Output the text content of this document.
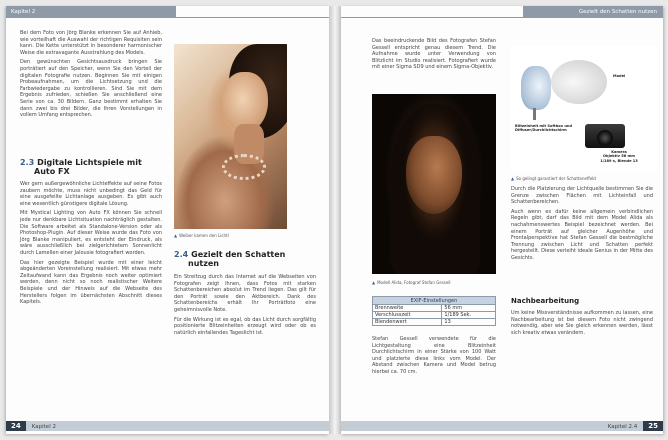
Kapitel 2

Bei dem Foto von Jörg Blanke erkennen Sie auf Anhieb, wie vorteilhaft die Auswahl der richtigen Requisiten sein kann. Die Kette unterstützt in besonderer harmonischer Weise die extravagante Ausstrahlung des Models.

Den gewünschten Gesichtsausdruck bringen Sie porträtiert auf den Speicher, wenn Sie den Vorteil der digitalen Fotografie nutzen. Beginnen Sie mit einigen Probeaufnahmen, um die Lichtsetzung und die Farbwiedergabe zu kontrollieren. Sind Sie mit dem Ergebnis zufrieden, schießen Sie anschließend eine Serie von ca. 30 Bildern. Ganz bestimmt erhalten Sie dann zwei bis drei Bilder, die Ihren Vorstellungen in vollem Umfang entsprechen.

2.3 Digitale Lichtspiele mit
Auto FX

Wer gern außergewöhnliche Lichteffekte auf seine Fotos zaubern möchte, muss nicht unbedingt das Geld für eine ausgefeilte Lichtanlage ausgeben. Es gibt auch eine wesentlich günstigere digitale Lösung.

Mit Mystical Lighting von Auto FX können Sie schnell jede nur denkbare Lichtsituation nachträglich gestalten. Die Software arbeitet als Standalone-Version oder als Photoshop-Plugin. Auf dieser Weise wurde das Foto von Jörg Blanke manipuliert, es entsteht der Eindruck, als wäre ausschließlich bei zielgerichtetem Sonnenlicht durch Lamellen einer Jalousie fotografiert worden.

Das hier gezeigte Beispiel wurde mit einer leicht abgeänderten Voreinstellung realisiert. Mit etwas mehr Zeitaufwand kann das Ergebnis noch weiter optimiert werden, denn nicht so noch realistischer Weitere Beispiele und der Hinweis auf die Webseite des Herstellers folgen im übernächsten Abschnitt dieses Kapitels.

▲ Weiber kamen den Lichtl
2.4 Gezielt den Schatten
nutzen

Ein Streifzug durch das Internet auf die Webseiten von Fotografen zeigt Ihnen, dass Fotos mit starken Schattenbereichen absolut im Trend liegen. Das gilt für den Porträt sowie den Aktbereich. Dank des Schattenbereichs erhält Ihr Porträtfoto eine geheimnisvolle Note.

Für die Wirkung ist es egal, ob das Licht durch sorgfältig positionierte Blitzeinheiten erzeugt wird oder ob es natürlich einfallendes Tageslicht ist.

24 Kapitel 2
Gezielt den Schatten nutzen

Das beeindruckende Bild des Fotografen Stefan Gessell entspricht genau diesem Trend. Die Aufnahme wurde unter Verwendung von Blitzlicht im Studio realisiert. Fotografiert wurde mit einer Sigma SD9 und einem Sigma-Objektiv.

▲ Modell Alida, Fotograf Stefan Gessell
EXIF-Einstellungen	
Brennweite	56 mm
Verschlusszeit	1/189 Sek.
Blendenwert	13

Stefan Gessell verwendete für die Lichtgestaltung eine Blitzeinheit Durchlichtschirm in einer Stärke von 100 Watt und platzierte diese links vom Model. Der Abstand zwischen Kamera und Model betrug hierbei ca. 70 cm.

Model
Blitzeinheit mit Softbox und
Diffuser/Durchlichtschirm
Kamera
Objektiv 56 mm
1/189 s, Blende 13
▲ So gelingt garantiert der Schatteneffekt

Durch die Platzierung der Lichtquelle bestimmen Sie die Grenze zwischen Flächen mit Lichteinfall und Schattenbereichen.

Auch wenn es dafür keine allgemein verbindlichen Regeln gibt, darf das Bild mit dem Model Alida als nachahmenswertes Beispiel bezeichnet werden. Bei einem Porträt auf gleicher Augenhöhe und Frontalperspektive hat Stefan Gessell die bestmögliche Trennung zwischen Licht und Schatten perfekt hergestellt. Diese verleiht ideale Genius in der Mitte des Gesichts.

Nachbearbeitung

Um keine Missverständnisse aufkommen zu lassen, eine Nachbearbeitung ist bei diesem Foto nicht zwingend notwendig, aber wie Sie gleich erkennen werden, lässt sich kreativ etwas verändern.

Kapitel 2.4 25
